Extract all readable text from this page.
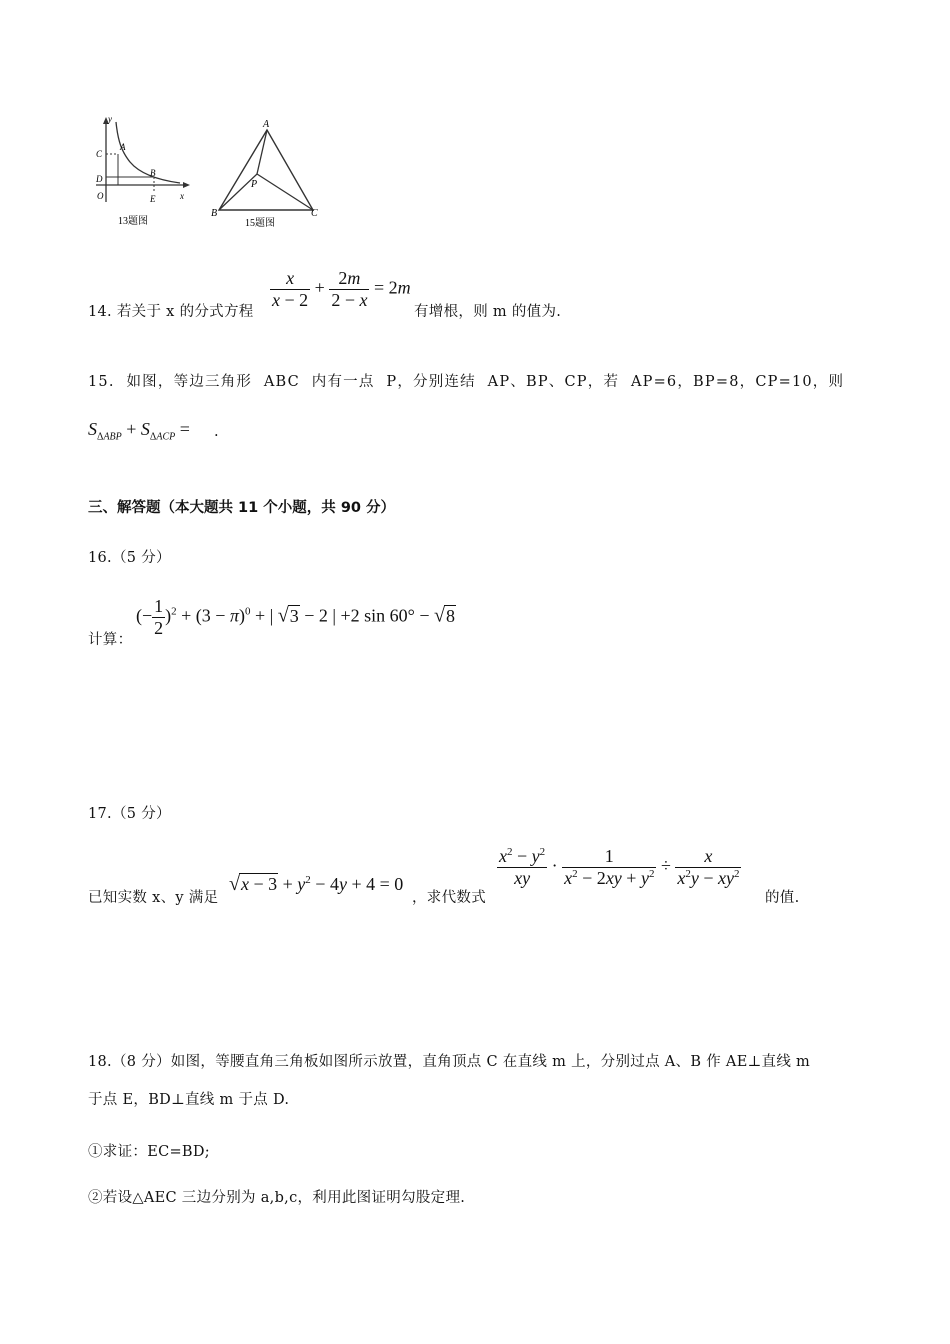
y
A
C
D
B
O	E	x
13题图
A
P
B	C
15题图
14. 若关于 x 的分式方程
$\frac{x}{x - 2} + \frac{2m}{2 - x} = 2m$
有增根，则 m 的值为.
15. 如图，等边三角形 ABC 内有一点 P，分别连结 AP、BP、CP，若 AP=6，BP=8，CP=10，则
$S_{\Delta ABP} + S_{\Delta ACP}$ = .
三、解答题（本大题共 11 个小题，共 90 分）
16.（5 分）
计算：
(− $\frac{1}{2} )^2 + (3 - \pi)^0$ + | √3 − 2 | +2 sin 60° − √8
17.（5 分）
已知实数 x、y 满足
$√x - 3 + y^2 - 4y + 4 = 0$
，求代数式
$\frac{x^2 - y^2}{xy} \cdot \frac{1}{x^2 - 2xy + y^2} \div \frac{x}{x^2y - xy^2}$
的值.
18.（8 分）如图，等腰直角三角板如图所示放置，直角顶点 C 在直线 m 上，分别过点 A、B 作 AE⊥直线 m
于点 E，BD⊥直线 m 于点 D.
①求证：EC=BD;
②若设△AEC 三边分别为 a,b,c，利用此图证明勾股定理.
